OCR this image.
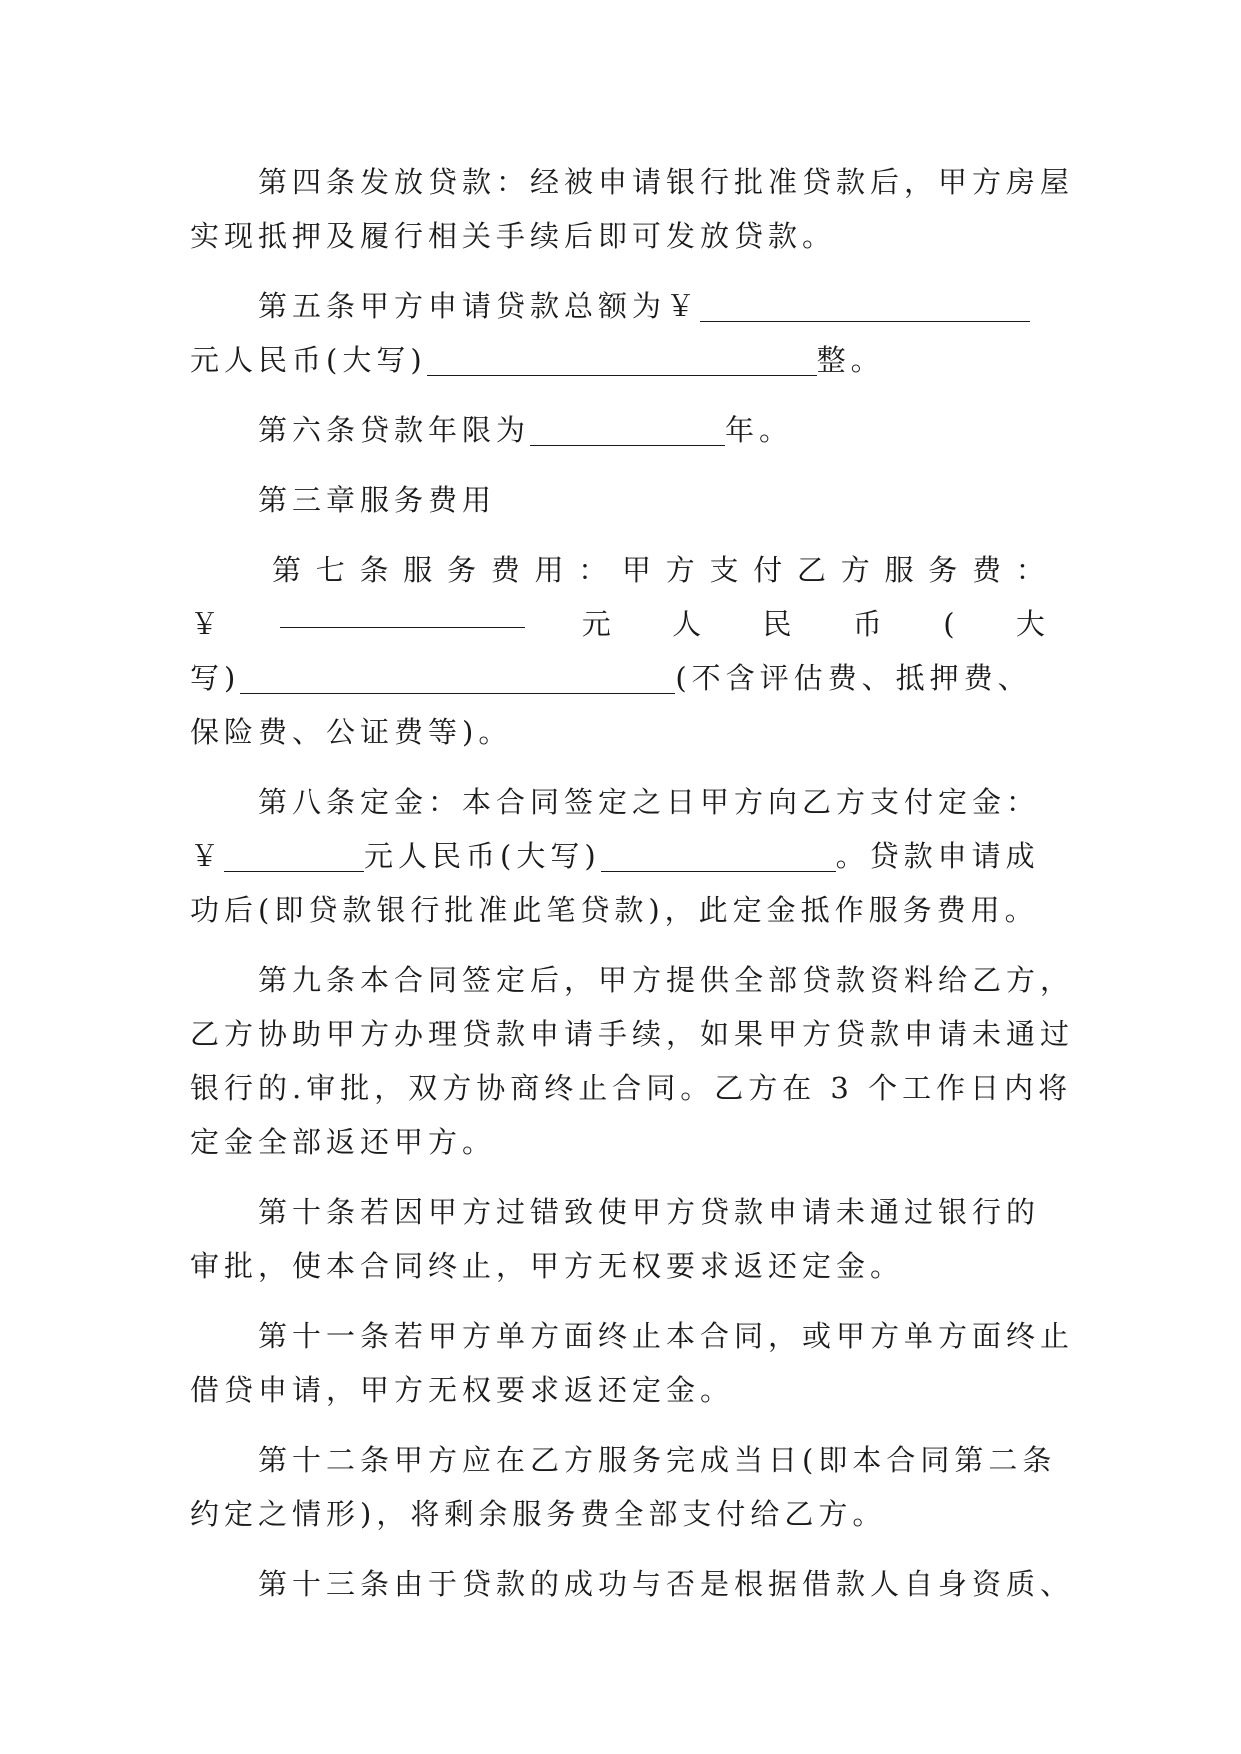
第四条发放贷款：经被申请银行批准贷款后，甲方房屋
实现抵押及履行相关手续后即可发放贷款。
第五条甲方申请贷款总额为￥
元人民币(大写)	整。
第六条贷款年限为	年。
第三章服务费用
第 七 条 服 务 费 用 ： 甲 方 支 付 乙 方 服 务 费 ：
￥	元 人 民 币 ( 大
写)	(不含评估费、抵押费、
保险费、公证费等)。
第八条定金：本合同签定之日甲方向乙方支付定金：
￥	元人民币(大写)	。贷款申请成
功后(即贷款银行批准此笔贷款)，此定金抵作服务费用。
第九条本合同签定后，甲方提供全部贷款资料给乙方，
乙方协助甲方办理贷款申请手续，如果甲方贷款申请未通过
银行的.审批，双方协商终止合同。乙方在 3 个工作日内将
定金全部返还甲方。
第十条若因甲方过错致使甲方贷款申请未通过银行的
审批，使本合同终止，甲方无权要求返还定金。
第十一条若甲方单方面终止本合同，或甲方单方面终止
借贷申请，甲方无权要求返还定金。
第十二条甲方应在乙方服务完成当日(即本合同第二条
约定之情形)，将剩余服务费全部支付给乙方。
第十三条由于贷款的成功与否是根据借款人自身资质、
